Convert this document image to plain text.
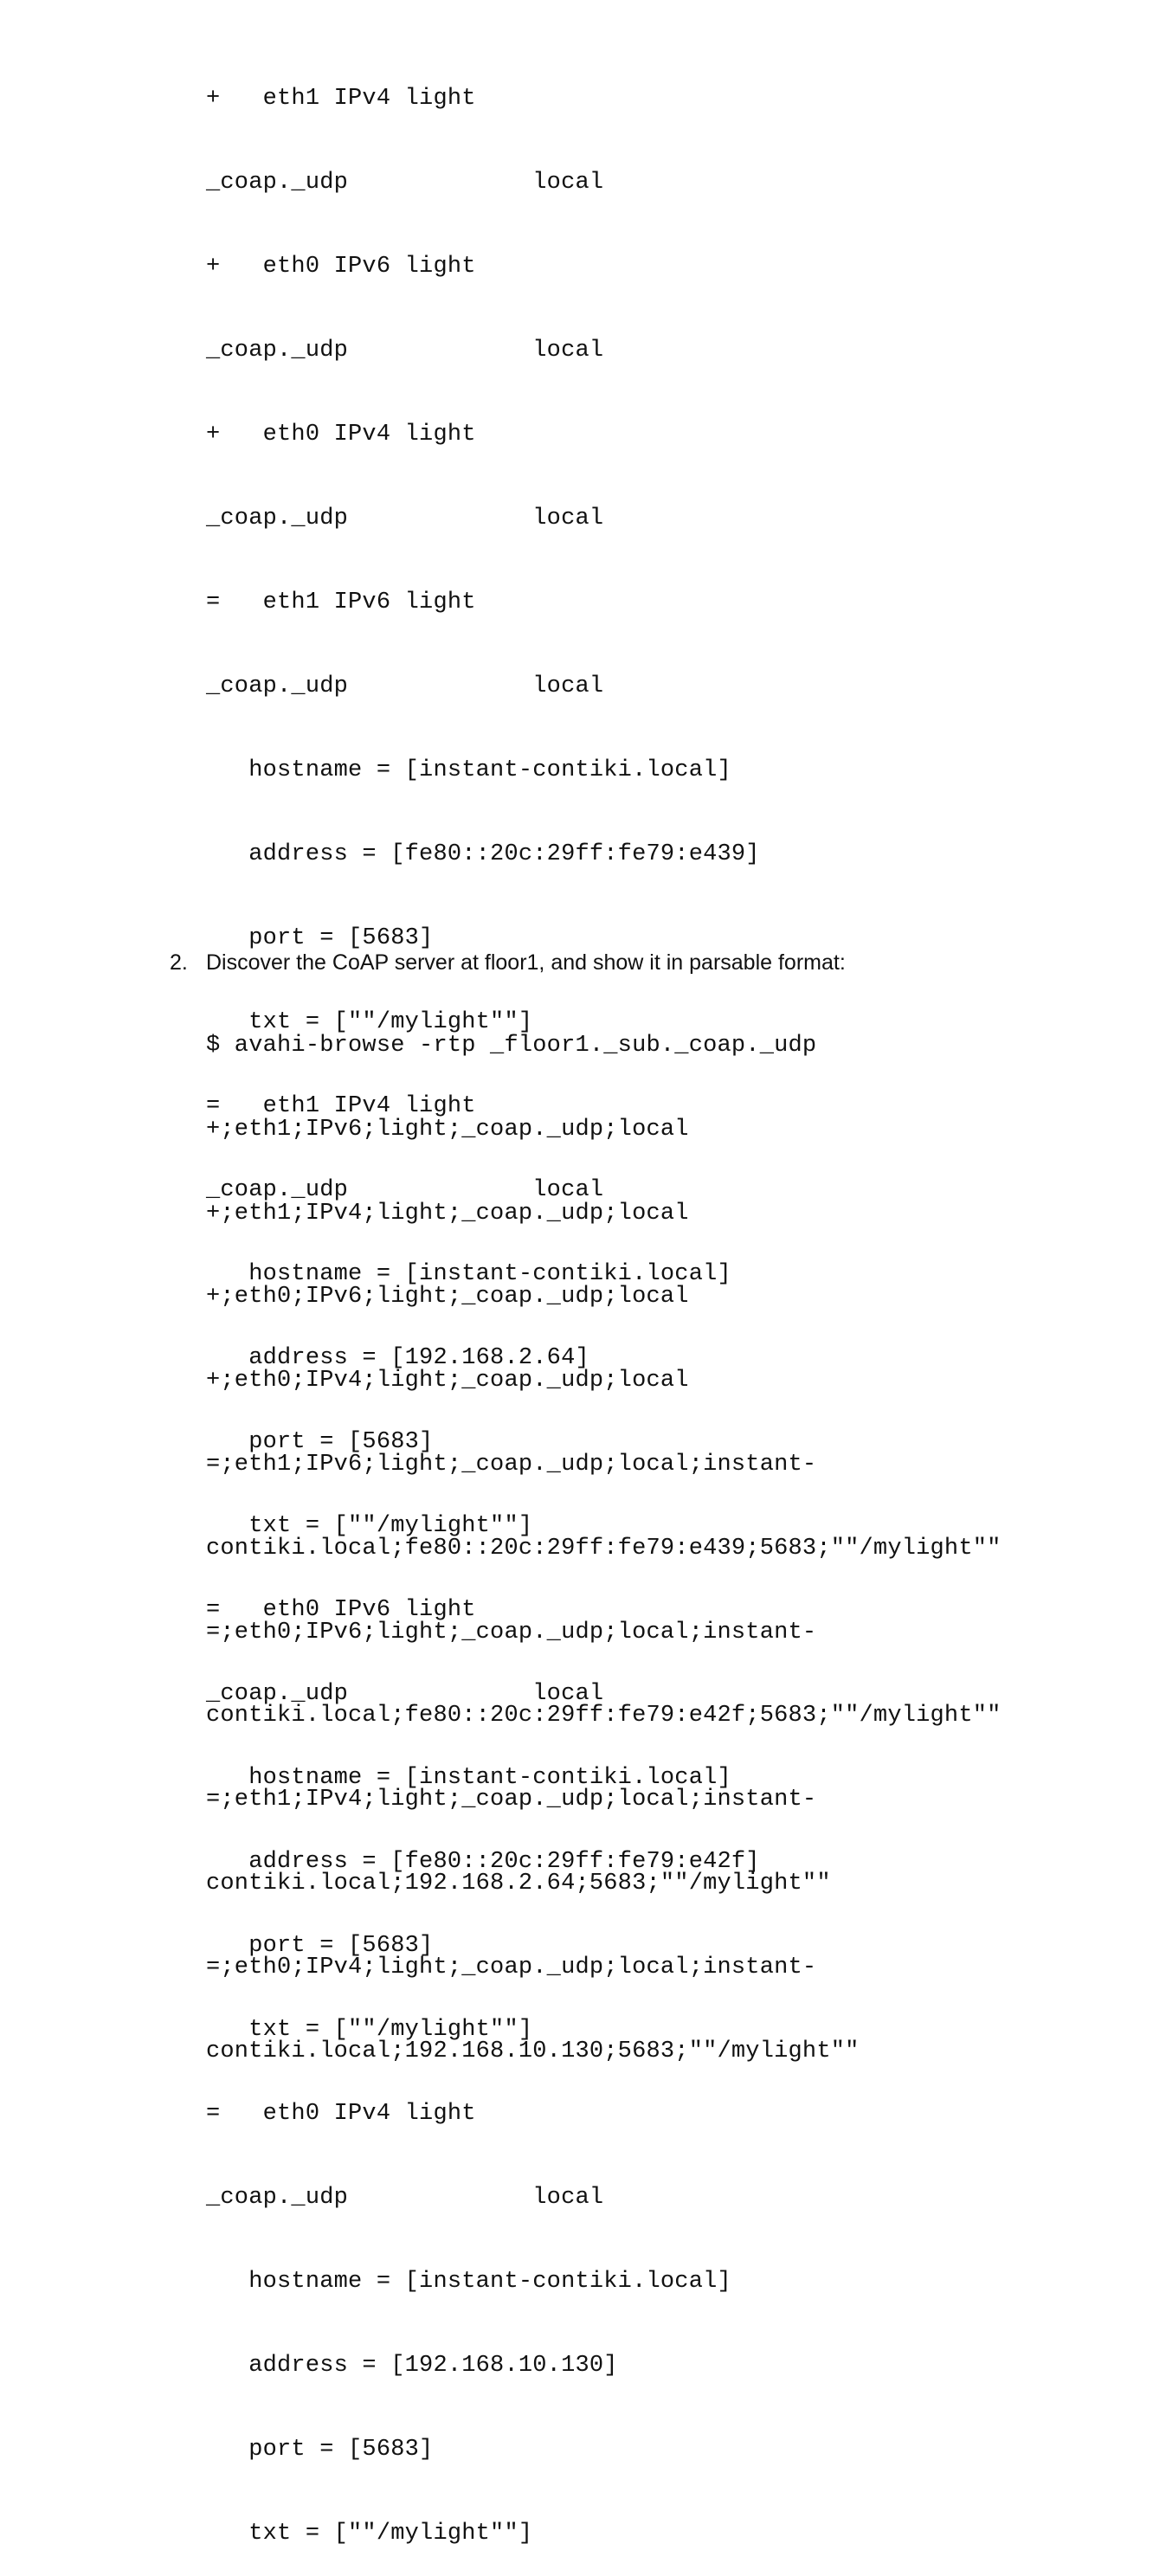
+   eth1 IPv4 light

_coap._udp             local

+   eth0 IPv6 light

_coap._udp             local

+   eth0 IPv4 light

_coap._udp             local

=   eth1 IPv6 light

_coap._udp             local

hostname = [instant-contiki.local]

address = [fe80::20c:29ff:fe79:e439]

port = [5683]

txt = [""/mylight""]

=   eth1 IPv4 light

_coap._udp             local

hostname = [instant-contiki.local]

address = [192.168.2.64]

port = [5683]

txt = [""/mylight""]

=   eth0 IPv6 light

_coap._udp             local

hostname = [instant-contiki.local]

address = [fe80::20c:29ff:fe79:e42f]

port = [5683]

txt = [""/mylight""]

=   eth0 IPv4 light

_coap._udp             local

hostname = [instant-contiki.local]

address = [192.168.10.130]

port = [5683]

txt = [""/mylight""]

2. Discover the CoAP server at floor1, and show it in parsable format:

$ avahi-browse -rtp _floor1._sub._coap._udp

+;eth1;IPv6;light;_coap._udp;local

+;eth1;IPv4;light;_coap._udp;local

+;eth0;IPv6;light;_coap._udp;local

+;eth0;IPv4;light;_coap._udp;local

=;eth1;IPv6;light;_coap._udp;local;instant-

contiki.local;fe80::20c:29ff:fe79:e439;5683;""/mylight""

=;eth0;IPv6;light;_coap._udp;local;instant-

contiki.local;fe80::20c:29ff:fe79:e42f;5683;""/mylight""

=;eth1;IPv4;light;_coap._udp;local;instant-

contiki.local;192.168.2.64;5683;""/mylight""

=;eth0;IPv4;light;_coap._udp;local;instant-

contiki.local;192.168.10.130;5683;""/mylight""
